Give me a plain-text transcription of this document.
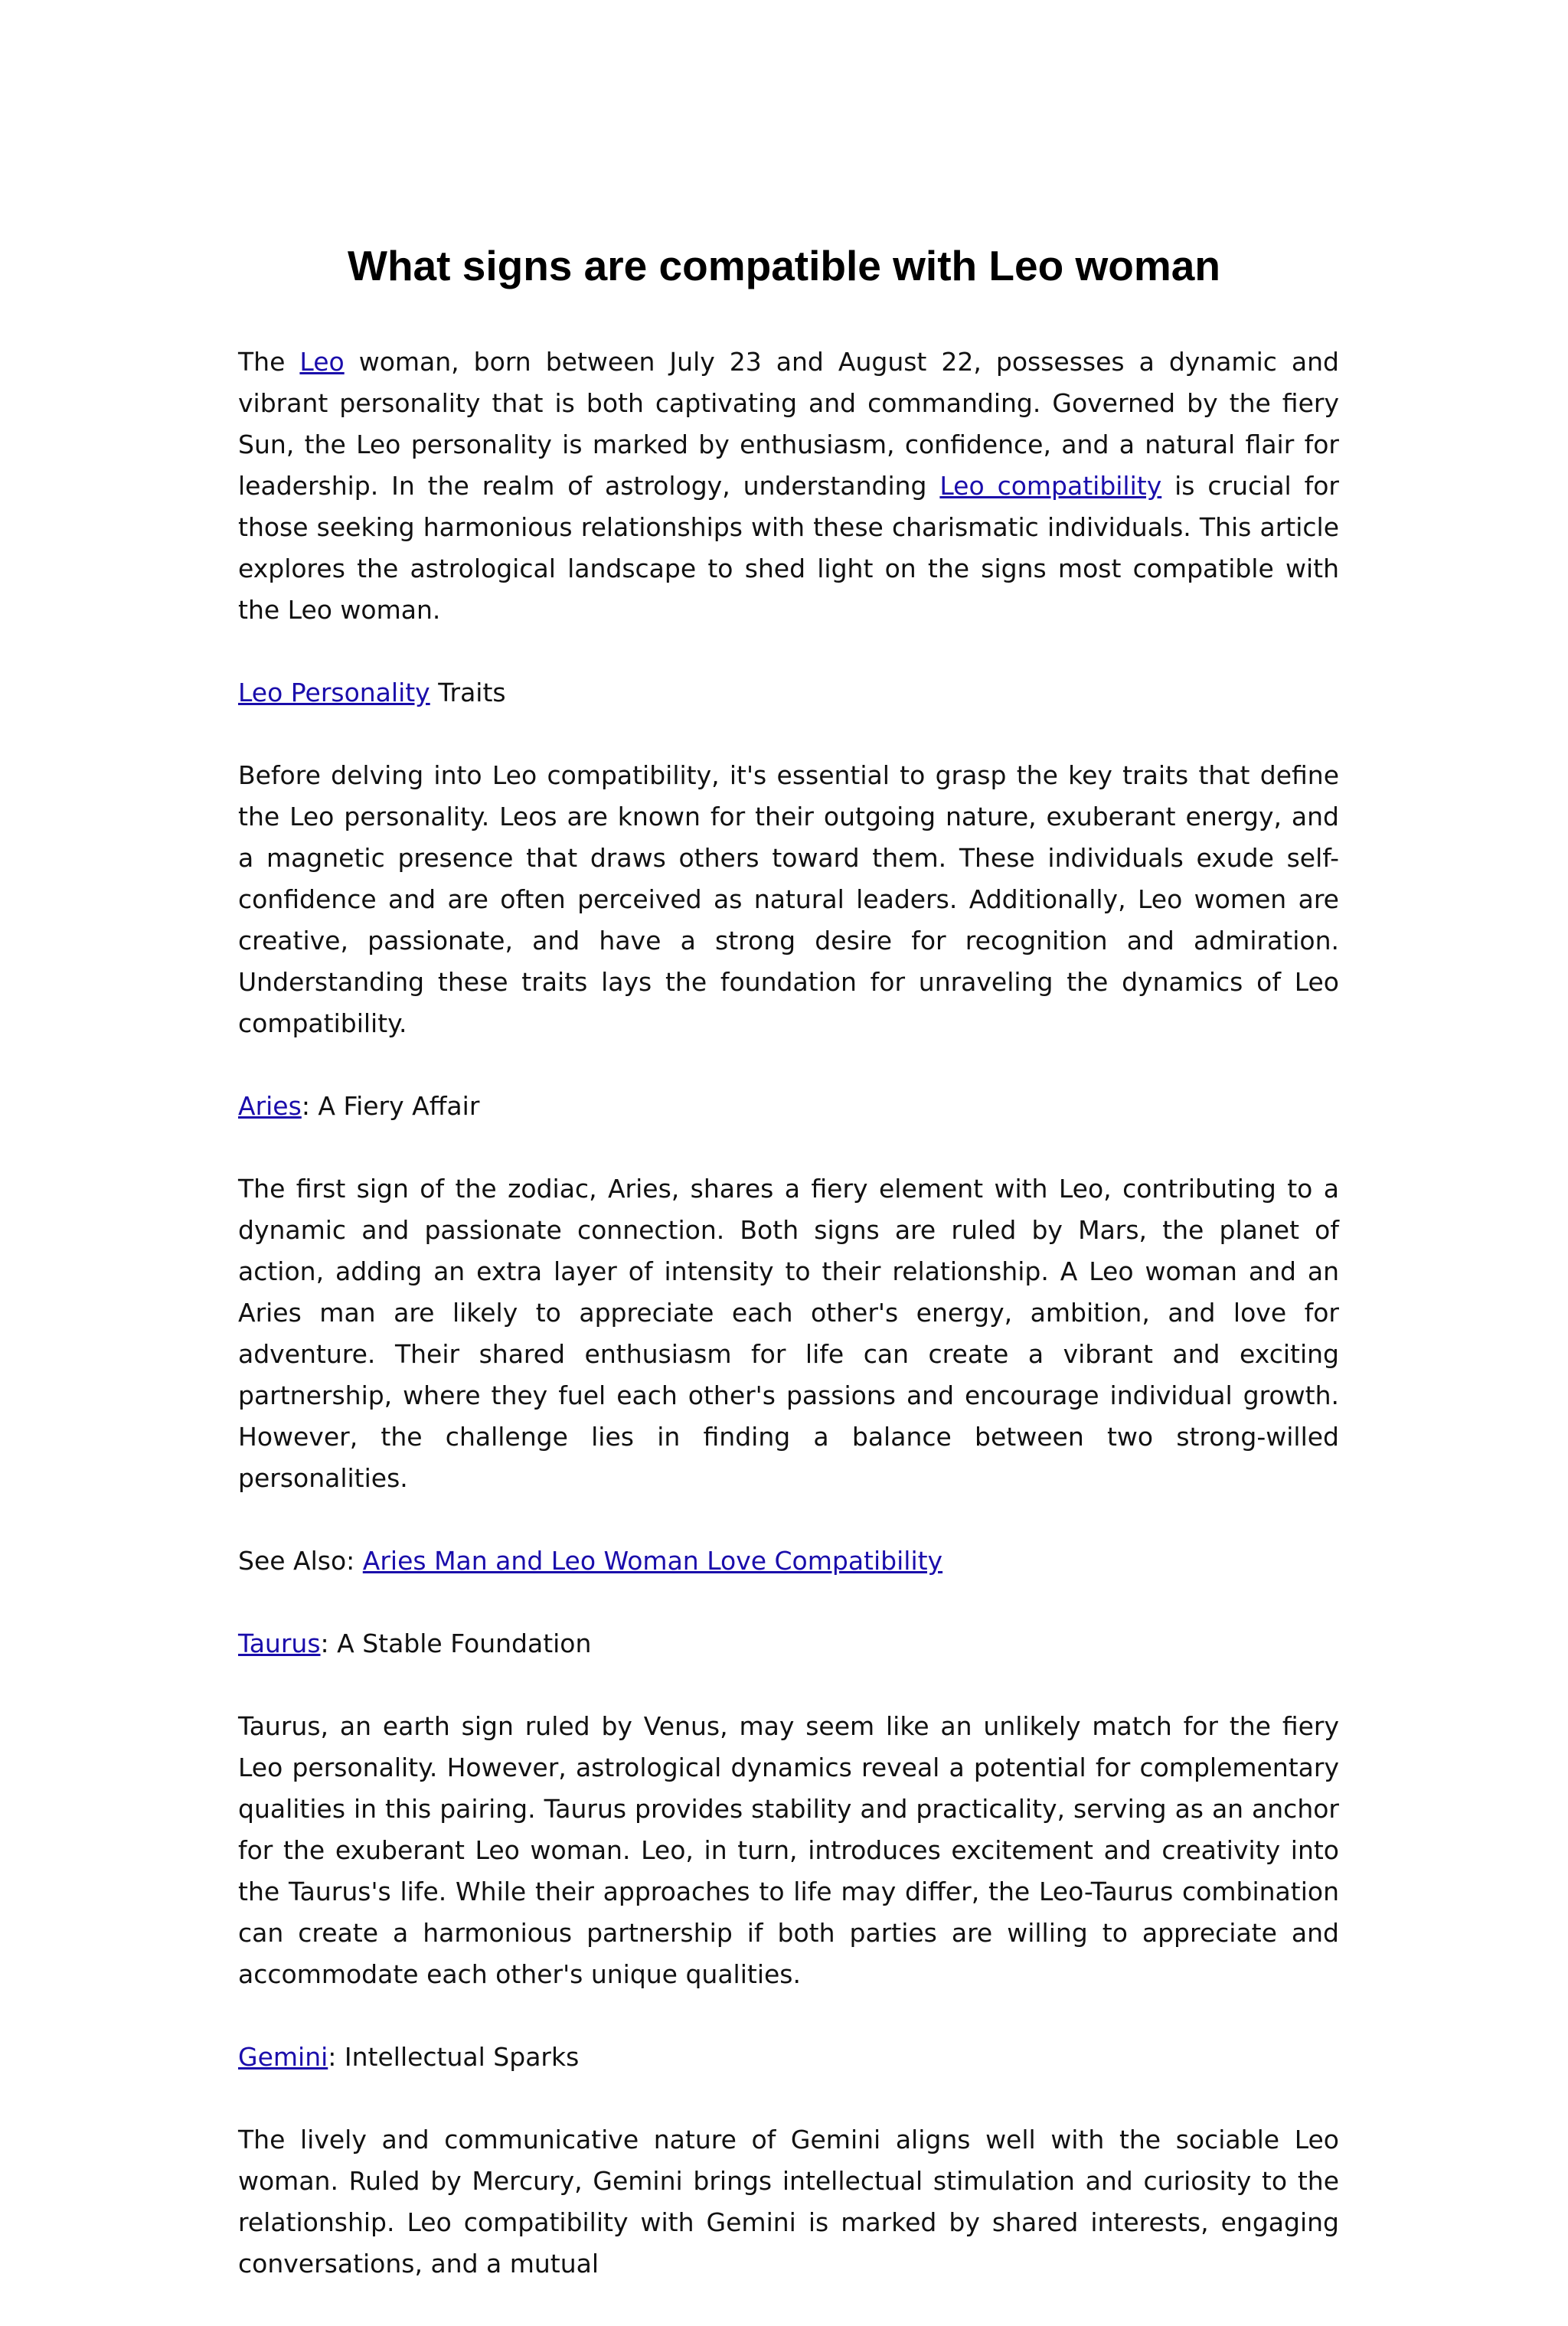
What signs are compatible with Leo woman

The Leo woman, born between July 23 and August 22, possesses a dynamic and vibrant personality that is both captivating and commanding. Governed by the fiery Sun, the Leo personality is marked by enthusiasm, confidence, and a natural flair for leadership. In the realm of astrology, understanding Leo compatibility is crucial for those seeking harmonious relationships with these charismatic individuals. This article explores the astrological landscape to shed light on the signs most compatible with the Leo woman.

Leo Personality Traits

Before delving into Leo compatibility, it's essential to grasp the key traits that define the Leo personality. Leos are known for their outgoing nature, exuberant energy, and a magnetic presence that draws others toward them. These individuals exude self-confidence and are often perceived as natural leaders. Additionally, Leo women are creative, passionate, and have a strong desire for recognition and admiration. Understanding these traits lays the foundation for unraveling the dynamics of Leo compatibility.

Aries: A Fiery Affair

The first sign of the zodiac, Aries, shares a fiery element with Leo, contributing to a dynamic and passionate connection. Both signs are ruled by Mars, the planet of action, adding an extra layer of intensity to their relationship. A Leo woman and an Aries man are likely to appreciate each other's energy, ambition, and love for adventure. Their shared enthusiasm for life can create a vibrant and exciting partnership, where they fuel each other's passions and encourage individual growth. However, the challenge lies in finding a balance between two strong-willed personalities.

See Also: Aries Man and Leo Woman Love Compatibility

Taurus: A Stable Foundation

Taurus, an earth sign ruled by Venus, may seem like an unlikely match for the fiery Leo personality. However, astrological dynamics reveal a potential for complementary qualities in this pairing. Taurus provides stability and practicality, serving as an anchor for the exuberant Leo woman. Leo, in turn, introduces excitement and creativity into the Taurus's life. While their approaches to life may differ, the Leo-Taurus combination can create a harmonious partnership if both parties are willing to appreciate and accommodate each other's unique qualities.

Gemini: Intellectual Sparks

The lively and communicative nature of Gemini aligns well with the sociable Leo woman. Ruled by Mercury, Gemini brings intellectual stimulation and curiosity to the relationship. Leo compatibility with Gemini is marked by shared interests, engaging conversations, and a mutual
